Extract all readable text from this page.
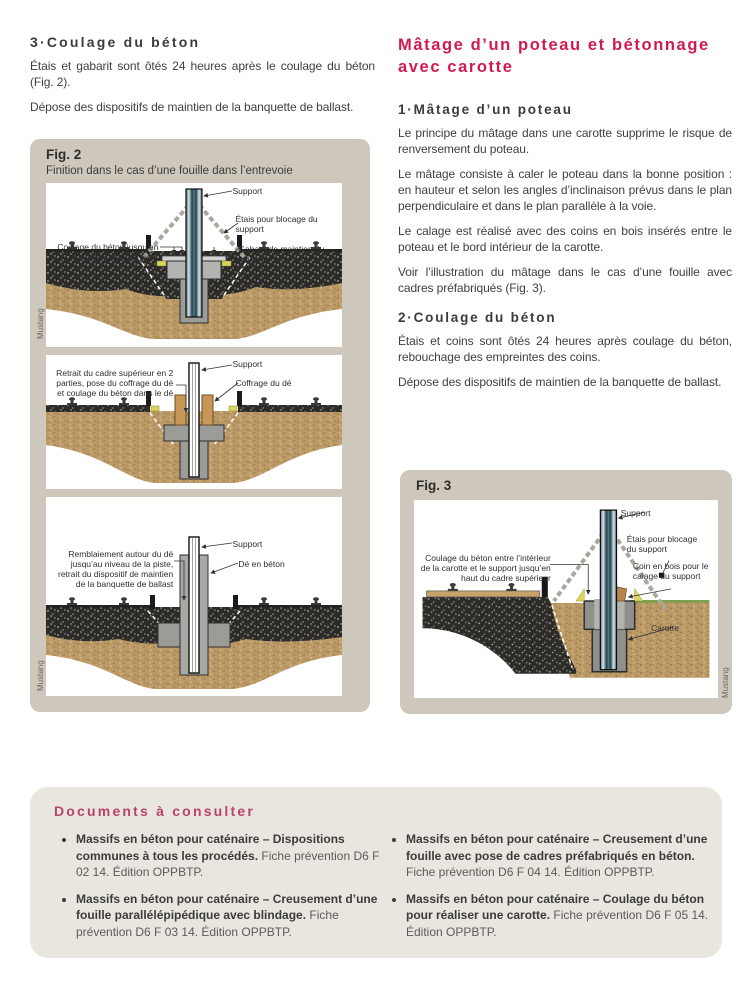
3·Coulage du béton

Étais et gabarit sont ôtés 24 heures après le coulage du béton (Fig. 2).

Dépose des dispositifs de maintien de la banquette de ballast.

Fig. 2
Finition dans le cas d’une fouille dans l’entrevoie
Mustang
Mustang
Support
Étais pour blocage du support
Coulage du béton jusqu’en haut du cadre inférieur
Gabarit de maintien du support
Retrait du cadre supérieur en 2 parties, pose du coffrage du dé et coulage du béton dans le dé
Support
Coffrage du dé
Remblaiement autour du dé jusqu’au niveau de la piste, retrait du dispositif de maintien de la banquette de ballast
Support
Dé en béton
Mâtage d’un poteau et bétonnage avec carotte
1·Mâtage d’un poteau

Le principe du mâtage dans une carotte supprime le risque de renversement du poteau.

Le mâtage consiste à caler le poteau dans la bonne position : en hauteur et selon les angles d’inclinaison prévus dans le plan perpendiculaire et dans le plan parallèle à la voie.

Le calage est réalisé avec des coins en bois insérés entre le poteau et le bord intérieur de la carotte.

Voir l’illustration du mâtage dans le cas d’une fouille avec cadres préfabriqués (Fig. 3).

2·Coulage du béton

Étais et coins sont ôtés 24 heures après coulage du béton, rebouchage des empreintes des coins.

Dépose des dispositifs de maintien de la banquette de ballast.

Fig. 3
Mustang
Coulage du béton entre l’intérieur de la carotte et le support jusqu’en haut du cadre supérieur
Support
Étais pour blocage du support
Coin en bois pour le calage du support
Carotte
Documents à consulter
• Massifs en béton pour caténaire – Dispositions communes à tous les procédés. Fiche prévention D6 F 02 14. Édition OPPBTP.
• Massifs en béton pour caténaire – Creusement d’une fouille parallélépipédique avec blindage. Fiche prévention D6 F 03 14. Édition OPPBTP.
• Massifs en béton pour caténaire – Creusement d’une fouille avec pose de cadres préfabriqués en béton. Fiche prévention D6 F 04 14. Édition OPPBTP.
• Massifs en béton pour caténaire – Coulage du béton pour réaliser une carotte. Fiche prévention D6 F 05 14. Édition OPPBTP.
